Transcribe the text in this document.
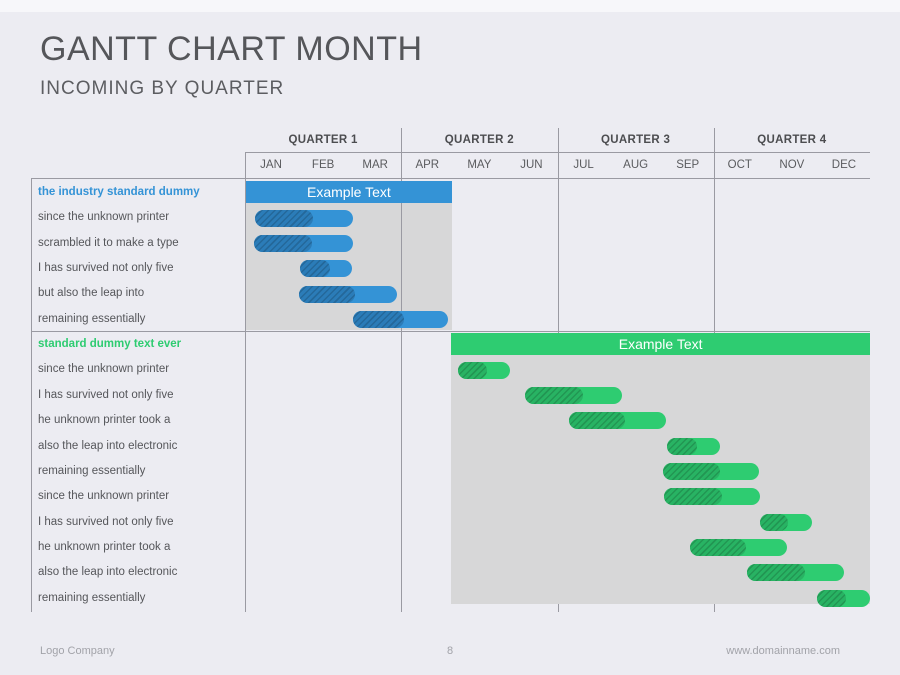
GANTT CHART MONTH
INCOMING BY QUARTER
QUARTER 1	QUARTER 2	QUARTER 3	QUARTER 4
JAN	FEB	MAR	APR	MAY	JUN	JUL	AUG	SEP	OCT	NOV	DEC
the industry standard dummy	Example Text
since the unknown printer
scrambled it to make a type
I has survived not only five
but also the leap into
remaining essentially
standard dummy text ever	Example Text
since the unknown printer
I has survived not only five
he unknown printer took a
also the leap into electronic
remaining essentially
since the unknown printer
I has survived not only five
he unknown printer took a
also the leap into electronic
remaining essentially
Logo Company	8	www.domainname.com
